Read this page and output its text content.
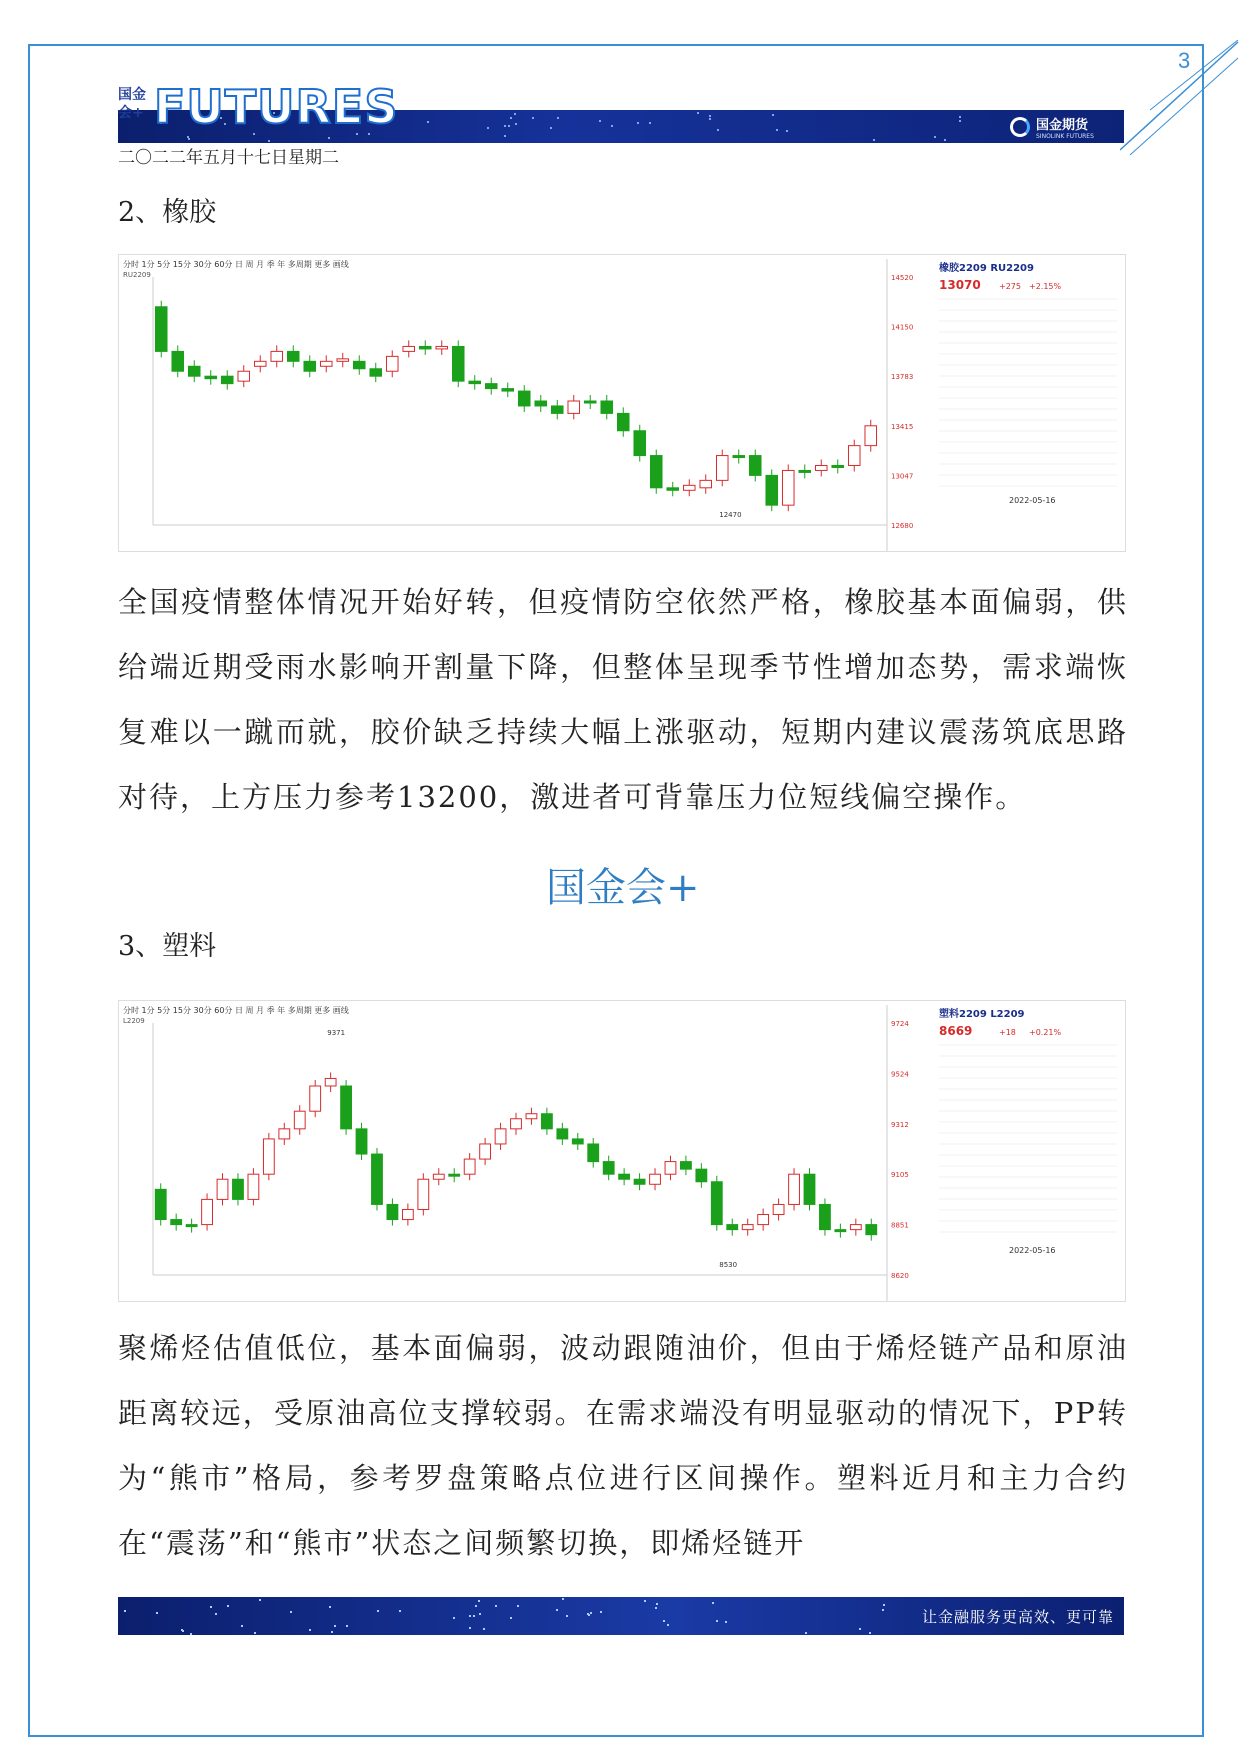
3
国金会+ FUTURES	国金期货
SINOLINK FUTURES
二〇二二年五月十七日星期二
2、橡胶
分时 1分 5分 15分 30分 60分 日 周 月 季 年 多周期 更多 画线
RU2209	14520
14150
13783
13415
13047
12680
橡胶2209 RU2209
13070 +275 +2.15%
2022-05-16
12470
全国疫情整体情况开始好转，但疫情防空依然严格，橡胶基本面偏弱，供给端近期受雨水影响开割量下降，但整体呈现季节性增加态势，需求端恢复难以一蹴而就，胶价缺乏持续大幅上涨驱动，短期内建议震荡筑底思路对待，上方压力参考13200，激进者可背靠压力位短线偏空操作。
国金会+
3、塑料
分时 1分 5分 15分 30分 60分 日 周 月 季 年 多周期 更多 画线
L2209	9724
9524
9312
9105
8851
8620
塑料2209 L2209
8669	+18 +0.21%
2022-05-16
8530
9371
聚烯烃估值低位，基本面偏弱，波动跟随油价，但由于烯烃链产品和原油距离较远，受原油高位支撑较弱。在需求端没有明显驱动的情况下，PP转为“熊市”格局，参考罗盘策略点位进行区间操作。塑料近月和主力合约在“震荡”和“熊市”状态之间频繁切换，即烯烃链开
让金融服务更高效、更可靠
